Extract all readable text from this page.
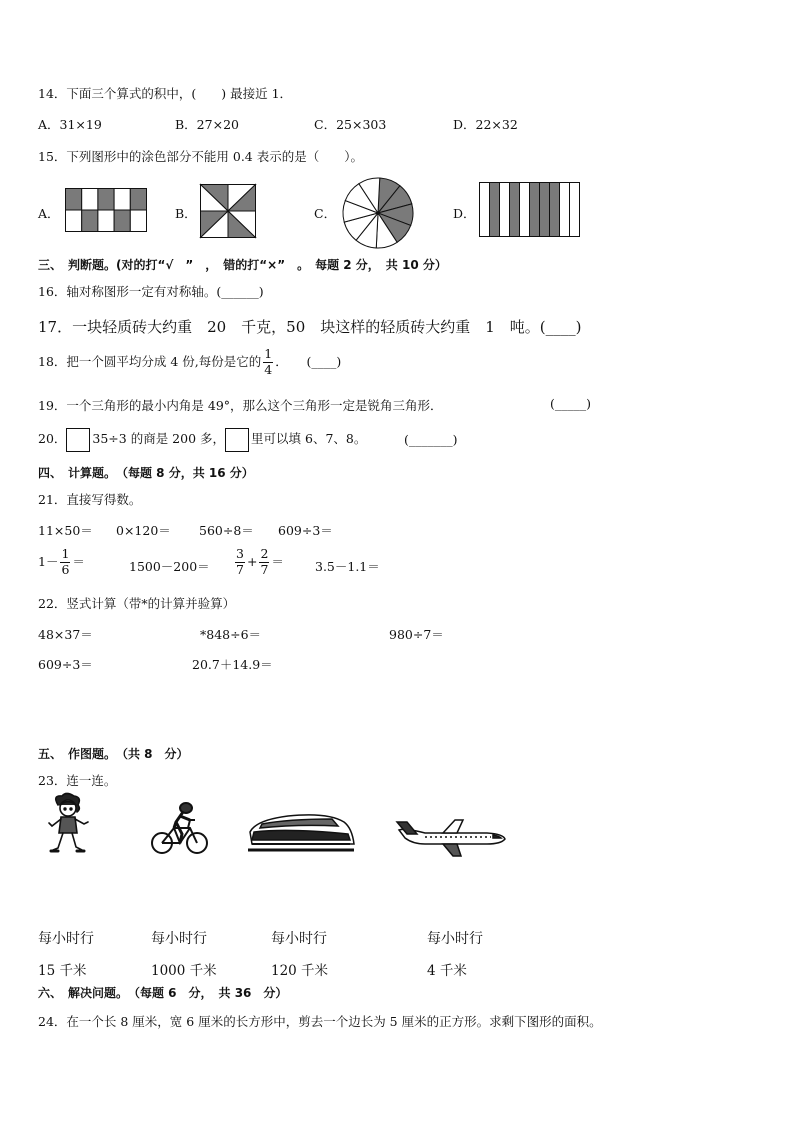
14．下面三个算式的积中，(　　) 最接近 1．
A．31×19	B．27×20	C．25×303	D．22×32
15．下列图形中的涂色部分不能用 0.4 表示的是（　　）。
A．	B．	C．	D．
三、　判断题。(对的打“√　”　，　错的打“×”　。　每题 2 分，　共 10 分）
16．轴对称图形一定有对称轴。(______)
17．一块轻质砖大约重　20　千克，50　块这样的轻质砖大约重　1　吨。(____)
18．把一个圆平均分成 4 份,每份是它的 $\frac{1}{4}$ ．　　(____)
19．一个三角形的最小内角是 49°，那么这个三角形一定是锐角三角形．	(_____)
20． 35÷3 的商是 200 多， 里可以填 6、7、8。	(_______)
四、　计算题。　（每题 8 分，共 16 分）
21．直接写得数。
11×50＝ 0×120＝ 560÷8＝ 609÷3＝
$1- \frac{1}{6}$ ＝	$1500-200= \frac{3}{7} + \frac{2}{7} = 3.5-1.1=$
22．竖式计算（带*的计算并验算）
48×37＝	*848÷6＝	980÷7＝
609÷3＝	20.7＋14.9＝
五、　作图题。　（共 8　分）
23．连一连。
每小时行	每小时行	每小时行	每小时行
15 千米	1000 千米	120 千米	4 千米
六、　解决问题。　（每题 6　分，　共 36　分）
24．在一个长 8 厘米，宽 6 厘米的长方形中，剪去一个边长为 5 厘米的正方形。求剩下图形的面积。
